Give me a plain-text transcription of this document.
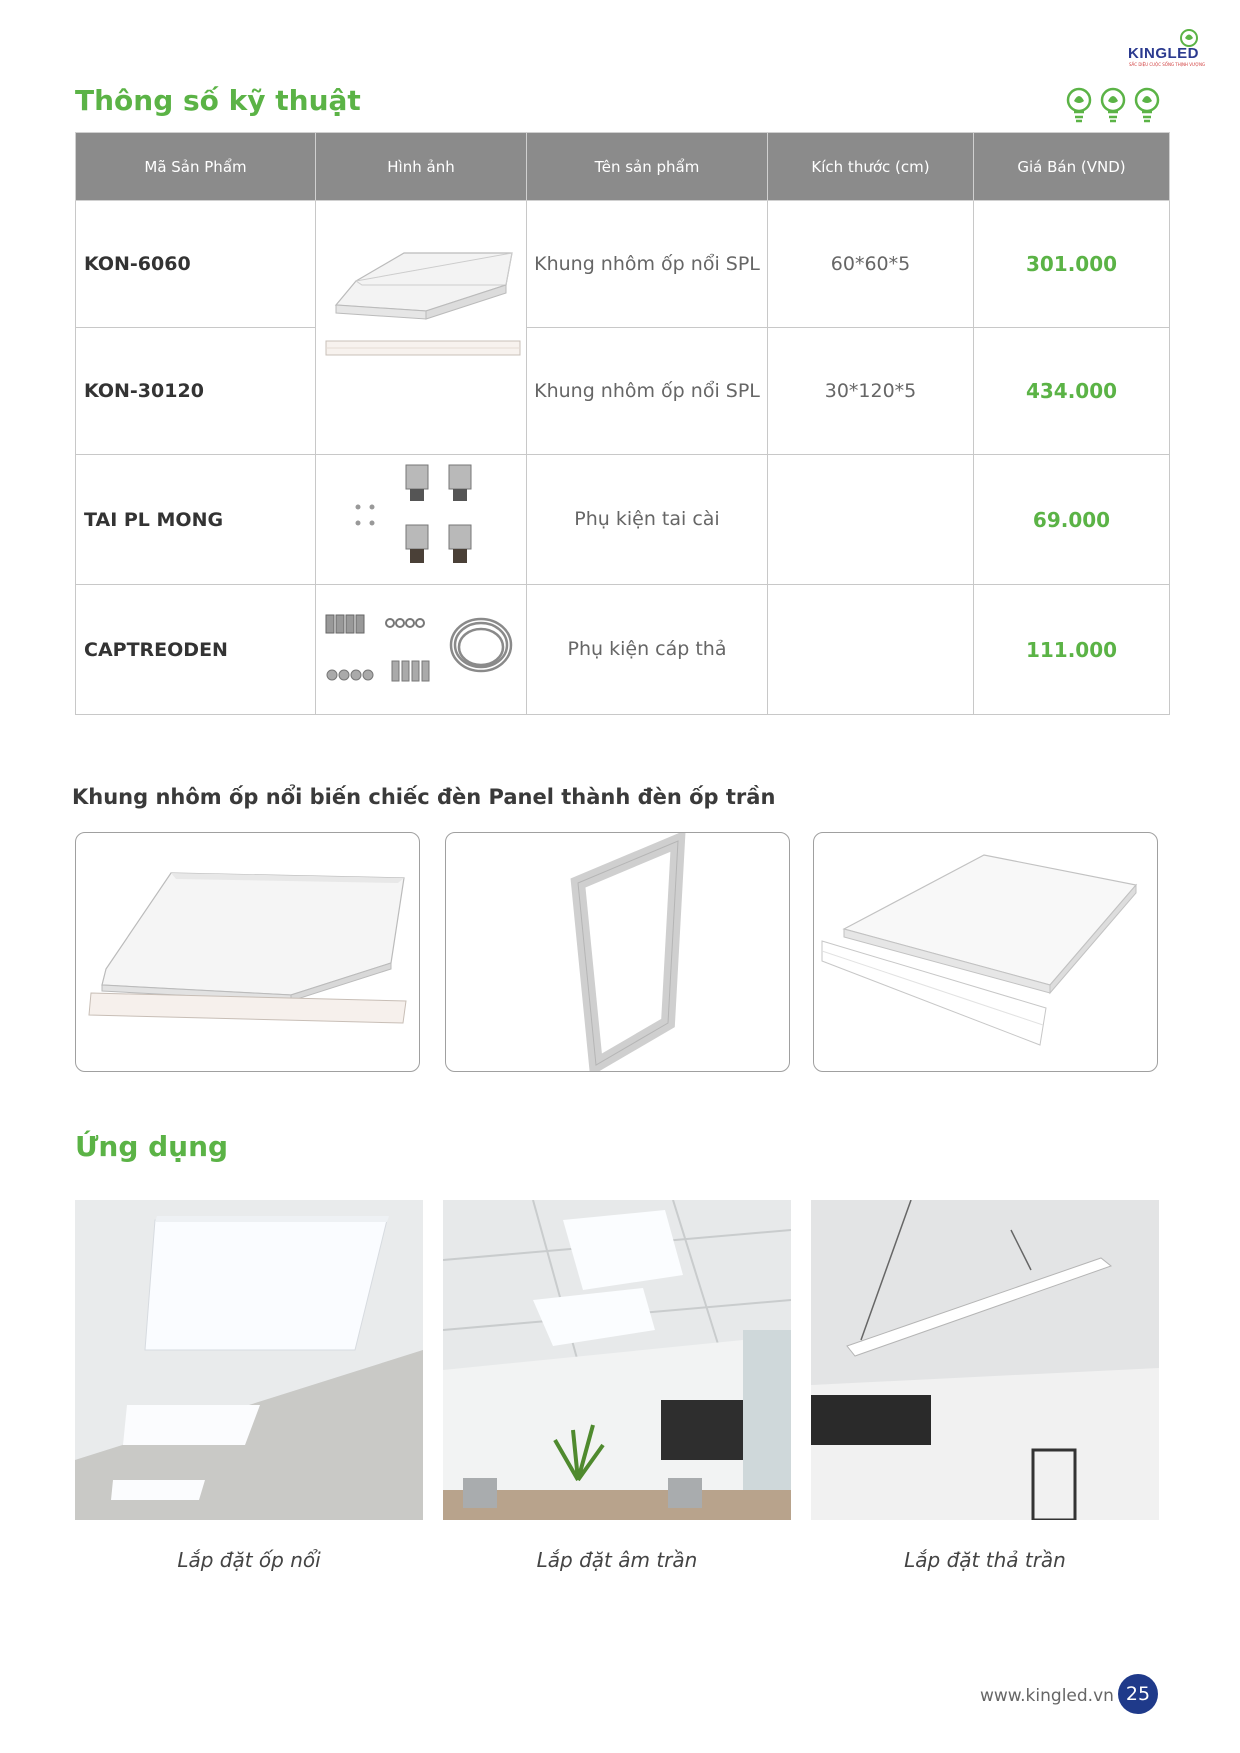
KINGLED
SẮC DIỆU CUỘC SỐNG THỊNH VƯỢNG
Thông số kỹ thuật
Mã Sản Phẩm	Hình ảnh	Tên sản phẩm	Kích thước (cm)	Giá Bán (VND)
KON-6060		Khung nhôm ốp nổi SPL	60*60*5	301.000
KON-30120		Khung nhôm ốp nổi SPL	30*120*5	434.000
TAI PL MONG		Phụ kiện tai cài		69.000
CAPTREODEN		Phụ kiện cáp thả		111.000
Khung nhôm ốp nổi biến chiếc đèn Panel thành đèn ốp trần
Ứng dụng
Lắp đặt ốp nổi	Lắp đặt âm trần	Lắp đặt thả trần
www.kingled.vn 25
